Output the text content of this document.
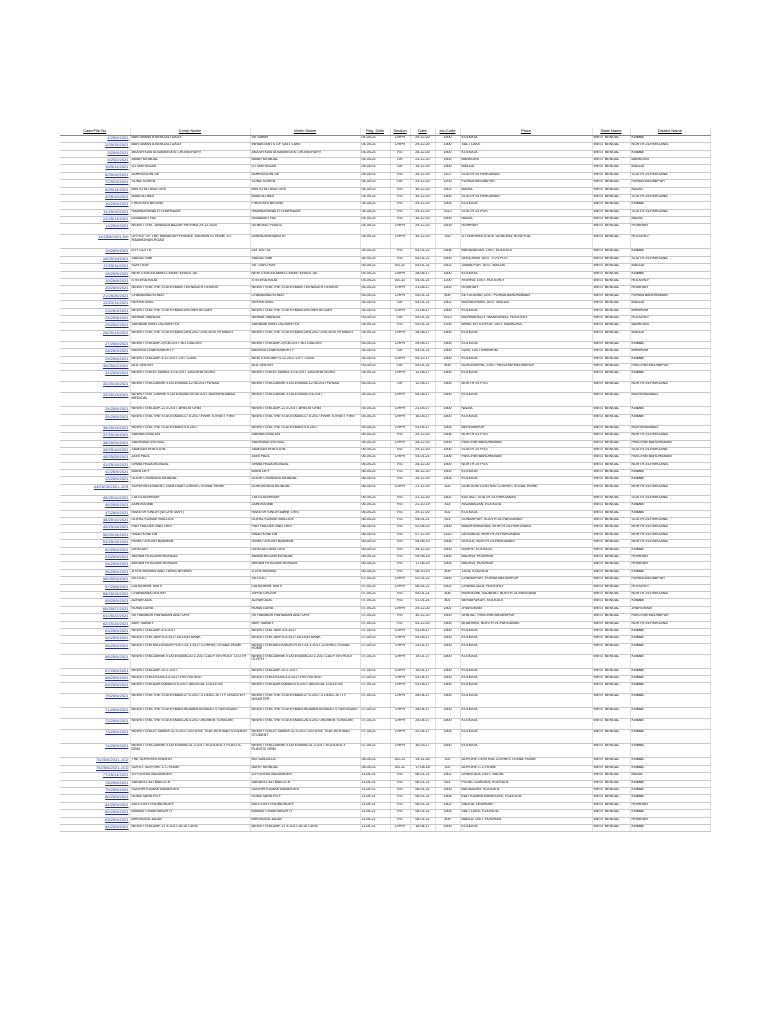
Case/File No	Comp Name	Victim Name	Reg. Date	Section	Date	Inc.Code	Place	State Name	District Name
1/25/5/2021	BARTAMAN A BENGALI DAILY	SK SABIR	04-05-21	CHPR	29-12-20	1500	KOLKATA	WEST BENGAL	Kolkata
2/25/15/2021	BARTAMAN A BENGALI DAILY	INHABITANTS OF SALT LAKE	04-05-21	CHPR	29-12-20	1500	SALT LAKE	WEST BENGAL	NORTH 24-PARGANA
3/25/5/2021	AKASH KANTA BANERJEE CHOWDHURY	AKASH KANTA BANERJEE CHOWDHURY	04-05-21	RG	28-12-20	1500	KOLKATA	WEST BENGAL	Kolkata
4/25/2/2021	AMAR MONDAL	AMAR MONDAL	04-05-21	DR	23-12-20	1500	BANKURA	WEST BENGAL	BANKURA
5/25/11/2021	UTTAM RAJAK	UTTAM RAJAK	04-05-21	DR	19-12-20	1500	MALDA	WEST BENGAL	MALDA
6/25/10/2021	JAHIRUDDIN SK	JAHIRUDDIN SK	04-05-21	RG	28-12-20	1107	SOUTH 24 PARGANAS	WEST BENGAL	SOUTH 24-PARGANA
7/25/23/2021	SONA SOREN	SONA SOREN	04-05-21	DR	29-12-20	1200	PURBA MEDINIPUR	WEST BENGAL	PURBA MEDINIPUR
8/25/14/2021	MINTU ALI AND ORS	MINTU ALI AND ORS	04-05-21	RG	30-12-20	1502	NADIA	WEST BENGAL	NADIA
9/25/10/2021	MAMTAJ BIBI	MAMTAJ BIBI	04-05-21	RG	30-12-20	1500	SOUTH 24 PARGANAS	WEST BENGAL	SOUTH 24-PARGANA
10/25/5/2021	FIRDOSHI BEGUM	FIRDOSHI BEGUM	04-05-21	RG	29-12-20	1500	KOLKATA	WEST BENGAL	Kolkata
11/25/10/2021	RABINDRANATH CHAPADAR	RABINDRANATH CHAPADAR	04-05-21	RG	29-12-20	1513	SOUTH 24 PGS	WEST BENGAL	SOUTH 24-PARGANA
12/25/14/2021	DEBABATI PAL	DEBABATI PAL	04-05-21	RG	30-12-20	1500	NADIA	WEST BENGAL	NADIA
13/25/9/2021	NEWS ITEM - ANANDA BAZAR PATRIKA 29.12.2020	GENERAL PUBLIC	04-05-21	CHPR	29-12-20	1509	HOWRAH	WEST BENGAL	HOWRAH
14/25/8/2021-DH	OFFICE OF THE MANAGER FEMALE VAGRANTS HOME 10, RAMMOHAN ROAD	UNKNOWN/SABITRI	05-05-21	CHPR	30-12-20	330	UTTARPARA STATE GENERAL HOSPITAL	WEST BENGAL	HOOGHLY
15/25/5/2021	JOY DUTTA	JAY DUTTA	05-05-21	RG	04-01-21	1506	BARANAGAR, DIST. KOLKATA	WEST BENGAL	Kolkata
16/25/10/2021	SAIDUL BIBI	SAIDUL BIBI	05-05-21	RG	04-01-21	1500	DHOLAHAT DIST. S 24 PGS	WEST BENGAL	SOUTH 24-PARGANA
17/25/11/2021	SURJ RAY	SK. SURJ RAY	05-05-21	AS-11	04-01-21	1502	JAMALPUR, DIST. MALDA	WEST BENGAL	MALDA
18/25/5/2021	NEW ITEM-EKAMAY-CHAKE KHULE DE	NEW ITEM-EKAMAY-CHAKE KHULE DE	05-05-21	CHPR	28-06-17	1500	KOLKATA	WEST BENGAL	Kolkata
19/25/8/2021	S VEERA RAJU	S VEERA RAJU	05-05-21	AS-11	04-01-21	1200	RISHRA, DIST. HOOGHLY	WEST BENGAL	HOOGHLY
20/25/9/2021	NEWS ITEM-THE STATESMAN TEENAGER DOWNS	NEWS ITEM-THE STATESMAN TEENAGER DOWNS	05-05-21	CHPR	21-06-17	1500	HOWRAH	WEST BENGAL	HOWRAH
21/25/26/2021	CHANDANA KONAI	CHANDANA KONAI	05-05-21	CHPR	04-01-21	800	KETUGRAM, DIST. PURBA BARDHAMAN	WEST BENGAL	PURBA BARDHAMAN
22/25/11/2021	REKHA SING	REKHA SING	05-05-21	DR	04-01-21	1502	MURALIPARA, DIST. MALDA	WEST BENGAL	MALDA
23/25/3/2021	NEWS ITEM-THE STATESMAN-DROWN IN SURI	NEWS ITEM-THE STATESMAN-DROWN IN SURI	05-05-21	CHPR	23-06-17	1500	KOLKATA	WEST BENGAL	BIRBHUM
24/25/8/2021	NIRMAL MANDAL	NIRMAL MANDAL	05-05-21	DR	04-01-21	1513	BIDHANPALLY, MANKUNDU, HOOGHLY	WEST BENGAL	HOOGHLY
25/25/2/2021	SARBANI BHATTACHARYYA	SARBANI BHATTACHARYYA	05-05-21	RG	04-01-21	1200	BHIBI, KOTULPUR, DIST. BANKURA	WEST BENGAL	BANKURA
26/25/13/2021	NEWS ITEM-THE STATESMAN-28.6.2017-RUCKUS IN MMCH	NEWS ITEM-THE STATESMAN-28.6.2017-RUCKUS IN MMCH	05-05-21	CHPR	28-06-17	1500	KOLKATA	WEST BENGAL	MALDA
27/25/5/2021	NEWS ITEM-ABP-29.06.2017-NO DIALISIS	NEWS ITEM-ABP-29.06.2017-NO DIALISIS	05-05-21	CHPR	29-06-17	1500	KOLKATA	WEST BENGAL	Kolkata
28/25/3/2021	BIDISHA CHAKRABORTY	BIDISHA CHAKRABORTY	05-05-21	DR	04-01-21	1500	SURI, DIST BIRBHUM	WEST BENGAL	BIRBHUM
29/25/5/2021	NEWS ITEM-ABP-4.12.2017-LIFT CASE	NEW ITEM-ABP-4.12.2017-LIFT CASE	05-05-21	CHPR	04-12-17	1500	KOLKATA	WEST BENGAL	Kolkata
30/25/22/2021	ALIL GHOSH	ALIL GHOSH	05-05-21	DR	04-01-21	800	GURGURIPAL, DIST. PASCHIM MEDINIPUR	WEST BENGAL	PASCHIM MEDINIPUR
31/25/5/2021	NEWS ITEM-EI SAMAY-13.6.2017-DAGDHA SISHU	NEWS ITEM-EI SAMAY-13.6.2017-DAGDHA SISHU	05-05-21	CHPR	12-06-17	1500	KOLKATA	WEST BENGAL	Kolkata
32/25/15/2021	NEWS ITEM-DAINIK STATESMAN-12.06.2017PA BAD	NEWS ITEM-DAINIK STATESMAN-12.06.2017PA BAD	05-05-21	DR	12-06-17	1500	NORTH 24 PGS	WEST BENGAL	NORTH 24-PARGANA
33/25/13/2021	NEWS ITEM -DAINIK STATESMAN-09.06.2017-MURSHIDABAD MEDICAL	NEWS ITEM-DAINIK STATESMAN-9.6.2017	05-05-21	CHPR	09-06-17	1500	KOLKATA	WEST BENGAL	MURSHIDABAD
34/25/5/2021	NEWS ITEM-ABP-22.5.2017-BHELKI GHEI	NEWS ITEM-ABP-22.5.2017-BHELKI GHEI	05-05-21	CHPR	21-05-17	1500	NADIA	WEST BENGAL	Kolkata
35/25/5/2021	NEWS ITEM-THE STATESMAN-17.5.2017-PARK STREET FIRE	NEWS ITEM-THE STATESMAN-17.5.2017-PARK STREET FIRE	05-05-21	CHPR	16-05-17	1500	KOLKATA	WEST BENGAL	Kolkata
36/25/13/2021	NEWS ITEM-THE STATESMAN-4.5.2017	NEWS ITEM-THE STATESMAN-4.5.2017	05-05-21	CHPR	03-05-17	1500	BERHAMPUR	WEST BENGAL	MURSHIDABAD
37/25/15/2021	SABINA KHATUN	SABINA KHATUN	06-05-21	RG	29-12-20	1506	NORTH 24 PGS	WEST BENGAL	NORTH 24-PARGANA
38/25/25/2021	SADHANA GHOSAL	SADHANA GHOSAL	06-05-21	CHPR	28-12-20	1500	PASCHIM BARDHAMAN	WEST BENGAL	PASCHIM BARDHAMAN
39/25/10/2021	SAMSUN KHATOON	SAMSUN KHATOON	06-05-21	RG	29-12-20	1500	SOUTH 24 PGS	WEST BENGAL	SOUTH 24-PARGANA
40/25/25/2021	JAYA PAUL	JAYA PAUL	06-05-21	CHPR	04-01-21	1506	PASCHIM BARDHAMAN	WEST BENGAL	PASCHIM BARDHAMAN
41/25/15/2021	SHIBA PADA MONDAL	SHIBA PADA MONDAL	06-05-21	RG	28-12-20	1500	NORTH 24 PGS	WEST BENGAL	NORTH 24-PARGANA
42/25/5/2021	MAYA DEY	MAYA DEY	06-05-21	RG	30-12-20	1500	KOLKATA	WEST BENGAL	Kolkata
43/25/5/2021	GOUR CHANDRA MONDAL	GOUR CHANDRA MONDAL	06-05-21	RG	28-12-20	1504	KOLKATA	WEST BENGAL	Kolkata
44/25/15/2021-JCR	SUPERINTENDENT, DUM DUM CORRECTIONAL HOME	DURGAPADA MONDAL	06-05-21	CHPR	21-12-20	302	DUM DUM CENTRAL CORRECTIONAL HOME	WEST BENGAL	NORTH 24-PARGANA
45/25/10/2021	TULSI ADHIKARI	TULSI ADHIKARI	06-05-21	RG	21-12-20	1502	KULTALI, SOUTH 24-PARGANAS	WEST BENGAL	SOUTH 24-PARGANA
46/25/5/2021	JAHERA BIBI	JAHERA BIBI	06-05-21	RG	21-10-19	814	RAJABAGAN, KOLKATA	WEST BENGAL	Kolkata
47/25/5/2021	RAKESH SINGH (SECRETARY)	RAKESH SINGH &amp; ORS	06-05-21	RG	29-12-20	502	KOLKATA	WEST BENGAL	Kolkata
48/25/10/2021	GOPAL KUMAR MALLICK	GOPAL KUMAR MALLICK	06-05-21	RG	05-01-21	814	SONARPUR, SOUTH 24-PARGANAS	WEST BENGAL	SOUTH 24-PARGANA
49/25/15/2021	PALI HALDER AND ORS	PALI HALDER AND ORS	06-05-21	RG	02-06-20	1500	MADHYAMGRAM, NORTH 24-PARGANAS	WEST BENGAL	NORTH 24-PARGANA
50/25/15/2021	RANU KHATUN	RANU KHATUN	06-05-21	RG	07-12-20	1513	DEGANGA, NORTH 24-PARGANAS	WEST BENGAL	NORTH 24-PARGANA
51/25/15/2021	RINKU GHOSH BARMAN	RINKU GHOSH BARMAN	06-05-21	RG	05-06-19	1506	GHOLA, NORTH 24-PARGANAS	WEST BENGAL	NORTH 24-PARGANA
52/25/5/2021	DIPA DAS	DIPA DAS AND ORS	06-05-21	RG	28-12-20	1500	GARFA, KOLKATA	WEST BENGAL	Kolkata
53/25/9/2021	AKRAM HOSSAIN MONDAL	AMINA BEGAM MONDAL	06-05-21	RG	09-05-15	1500	BAURIA, HOWRAH	WEST BENGAL	HOWRAH
54/25/9/2021	AKRAM HOSSAIN MONDAL	AKRAM HOSSAIN MONDAL	06-05-21	RG	17-06-19	1500	BAURIA, HOWRAH	WEST BENGAL	HOWRAH
55/25/5/2021	JITEN BISWAS AND TAPAS BISWAS	JITEN BISWAS	06-05-21	RG	08-10-19	800	TALA, KOLKATA	WEST BENGAL	Kolkata
56/25/23/2021	SK DOLI	SK DOLI	07-05-21	CHPR	02-01-21	1500	CHANDIPUR, PURBA MEDINIPUR	WEST BENGAL	PURBA MEDINIPUR
57/25/8/2021	LALMOHAN TANTI	LALMOHAN TANTI	07-05-21	CHPR	06-01-21	1502	CHANDITALA, HOOGHLY	WEST BENGAL	HOOGHLY
58/25/15/2021	CHANDANA GHOSH	SIPRA GHOSH	07-05-21	RG	05-01-21	406	RAHDEUNI, BAJAHAT, NORTH 24-PARGANA	WEST BENGAL	NORTH 24-PARGANA
59/25/5/2021	AZHAR ADIL	AZHAR ADIL	07-05-21	RG	01-01-21	801	BENIAPUKUR, KOLKATA	WEST BENGAL	Kolkata
60/25/27/2021	RUMA GUHA	RUMA GUHA	07-05-21	CHPR	29-12-20	1502	JHARGRAM	WEST BENGAL	JHARGRAM
61/25/22/2021	SK HABIBUR RAHAMAN AND ORS	SK HABIBUR RAHAMAN AND ORS	07-05-21	RG	30-12-20	1500	GHATAL, PASCHIM MEDINIPUR	WEST BENGAL	PASCHIM MEDINIPUR
62/25/15/2021	AMIT NANDY	AMIT NANDY	07-05-21	RG	04-12-20	1500	NOAPARA, NORTH 24-PARGANAS	WEST BENGAL	NORTH 24-PARGANA
63/25/5/2021	NEWS ITEM-ABP-4.5.2017	NEWS ITEM- ABP-4.5.2017	07-05-21	CHPR	03-05-17	1500	KOLKATA	WEST BENGAL	Kolkata
64/25/5/2021	NEWS ITEM- ABP-5.5.2017-BLOOD BANK	NEWS ITEM- ABP-5.5.2017-BLOOD BANK	07-05-21	CHPR	04-05-17	1500	KOLKATA	WEST BENGAL	Kolkata
65/25/5/2021	NEWS ITEM MILLENIUM POST-24.1.2017-CORRECTIONAL HOME	NEWS ITEM-MILLENIUM POST-24.1.2017-CORRECTIONAL HOME	07-05-21	CHPR	23-01-17	1500	KOLKATA	WEST BENGAL	Kolkata
66/25/5/2021	NEWS ITEM-DAINIK STATESMAN-20.1.2017-LADY WITHOUT CLOTH	NEWS ITEM-DAINIK STATESMAN-20.1.2017-LADY WITHOUT CLOTH	07-05-21	CHPR	19-01-17	1500	KOLKATA	WEST BENGAL	Kolkata
67/25/5/2021	NEWS ITEM-ABP-20.1.2017	NEWS ITEM-ABP-20.1.2017	07-05-21	CHPR	19-01-17	1500	KOLKATA	WEST BENGAL	Kolkata
68/25/5/2021	NEWS ITEM-EKDIN-4.5.2017-HIV PATIENT	NEWS ITEM-EKDIN-4.5.2017-HIV PATIENT	07-05-21	CHPR	03-04-17	1500	KOLKATA	WEST BENGAL	Kolkata
69/25/5/2021	NEWS ITEM-BARTAMAN-4.5.2017-MEDICAL COLLEGE	NEWS ITEM-BARTAMAN-4.5.2017-MEDICAL COLLEGE	07-05-21	CHPR	03-05-17	1500	KOLKATA	WEST BENGAL	Kolkata
70/25/5/2021	NEWS ITEM-THE STATESMAN-27.4.2017-3 DEAD JETTY DISASTER	NEWS ITEM-THE STATESMAN-27.4.2017-3 DEAD JETTY DISASTER	07-05-21	CHPR	26-04-17	1500	KOLKATA	WEST BENGAL	Kolkata
71/25/5/2021	NEWS ITEM-THE STATESMAN-WOMAN ASSAULTS SERGEANT	NEWS ITEM-THE STATESMAN-WOMAN ASSAULTS SERGEANT	07-05-21	CHPR	28-04-17	1500	KOLKATA	WEST BENGAL	Kolkata
72/25/5/2021	NEWS ITEM-THE STATESMAN-26.4.2017-WOMEN TONSURE	NEWS ITEM-THE STATESMAN-26.4.2017-WOMEN TONSURE	07-05-21	CHPR	25-04-17	1500	KOLKATA	WEST BENGAL	Kolkata
73/25/5/2021	NEWS ITEM-EI SAMAY-21-4-2017-SCHOOL TEACHER AND STUDENT	NEWS ITEM-EI SAMAY-21-4-2017-SCHOOL TEACHER AND STUDENT	07-05-21	CHPR	20-04-17	1500	KOLKATA	WEST BENGAL	Kolkata
74/25/5/2021	NEWS ITEM-DAINIK STATESMAN-31.3.2017-KOLKATA-Y PLASTIC DRM	NEWS ITEM-DAINIK STATESMAN-31.3.2017-KOLKATA-Y PLASTIC DRM	07-05-21	CHPR	30-03-17	1500	KOLKATA	WEST BENGAL	Kolkata
75/25/5/2021-JCD	THE SUPERINTENDENT	MD SAIDULLA	08-05-21	AS-13	29-11-18	301	ALIPORE CENTRAL CORRECTIONAL HOME	WEST BENGAL	Kolkata
76/25/5/2021-JCD	SUPDT. ALIPORE C.C.HOME	ASHIT MONDAL	08-05-21	AS-11	17-08-18	301	ALIPORE C.C.HOME	WEST BENGAL	Kolkata
77/25/14/2021	JOYGOPAL MAJUMDER	JOYGOPAL MAJUMDER	11-05-21	RG	08-01-21	1502	DHANTALA, DIST. NADIA.	WEST BENGAL	NADIA
78/25/5/2021	SARAFAT ALI MALLICK	SARAFAT ALI MALLICK	11-05-21	RG	08-01-21	814	PICNIC GARDEN, KOLKATA.	WEST BENGAL	Kolkata
79/25/5/2021	SUDHIR KUMAR BANERJEE	SUDHIR KUMAR BANERJEE	11-05-21	RG	08-01-21	1500	BAGBAZAR, KOLKATA.	WEST BENGAL	Kolkata
80/25/5/2021	RUNA SAHA ROY	RUNA SAHA ROY	11-05-21	RG	08-01-21	1506	KALI KUMAR BANERJEE, KOLKATA.	WEST BENGAL	Kolkata
81/25/9/2021	ASUTOSH CHOWDHURY	ASUTOSH CHOWDHURY	11-05-21	RG	08-01-21	1502	SALKIA, HOWRAH.	WEST BENGAL	HOWRAH
82/25/5/2021	MANAS CHAKRABORTY	MANAS CHAKRABORTY	11-05-21	RG	08-01-21	1500	SALT LAKE, KOLKATA.	WEST BENGAL	Kolkata
83/25/9/2021	BIRENDRA JADAV	BIRENDRA JADAV	11-05-21	RG	08-01-21	800	BABLA, DIST. HOWRAH.	WEST BENGAL	HOWRAH
84/25/5/2021	NEWS ITEM-ABP-17.4.2017-ACID CASE	NEWS ITEM-ABP-17.4.2017-ACID CASE	11-05-21	CHPR	16-04-17	1500	KOLKATA	WEST BENGAL	Kolkata
